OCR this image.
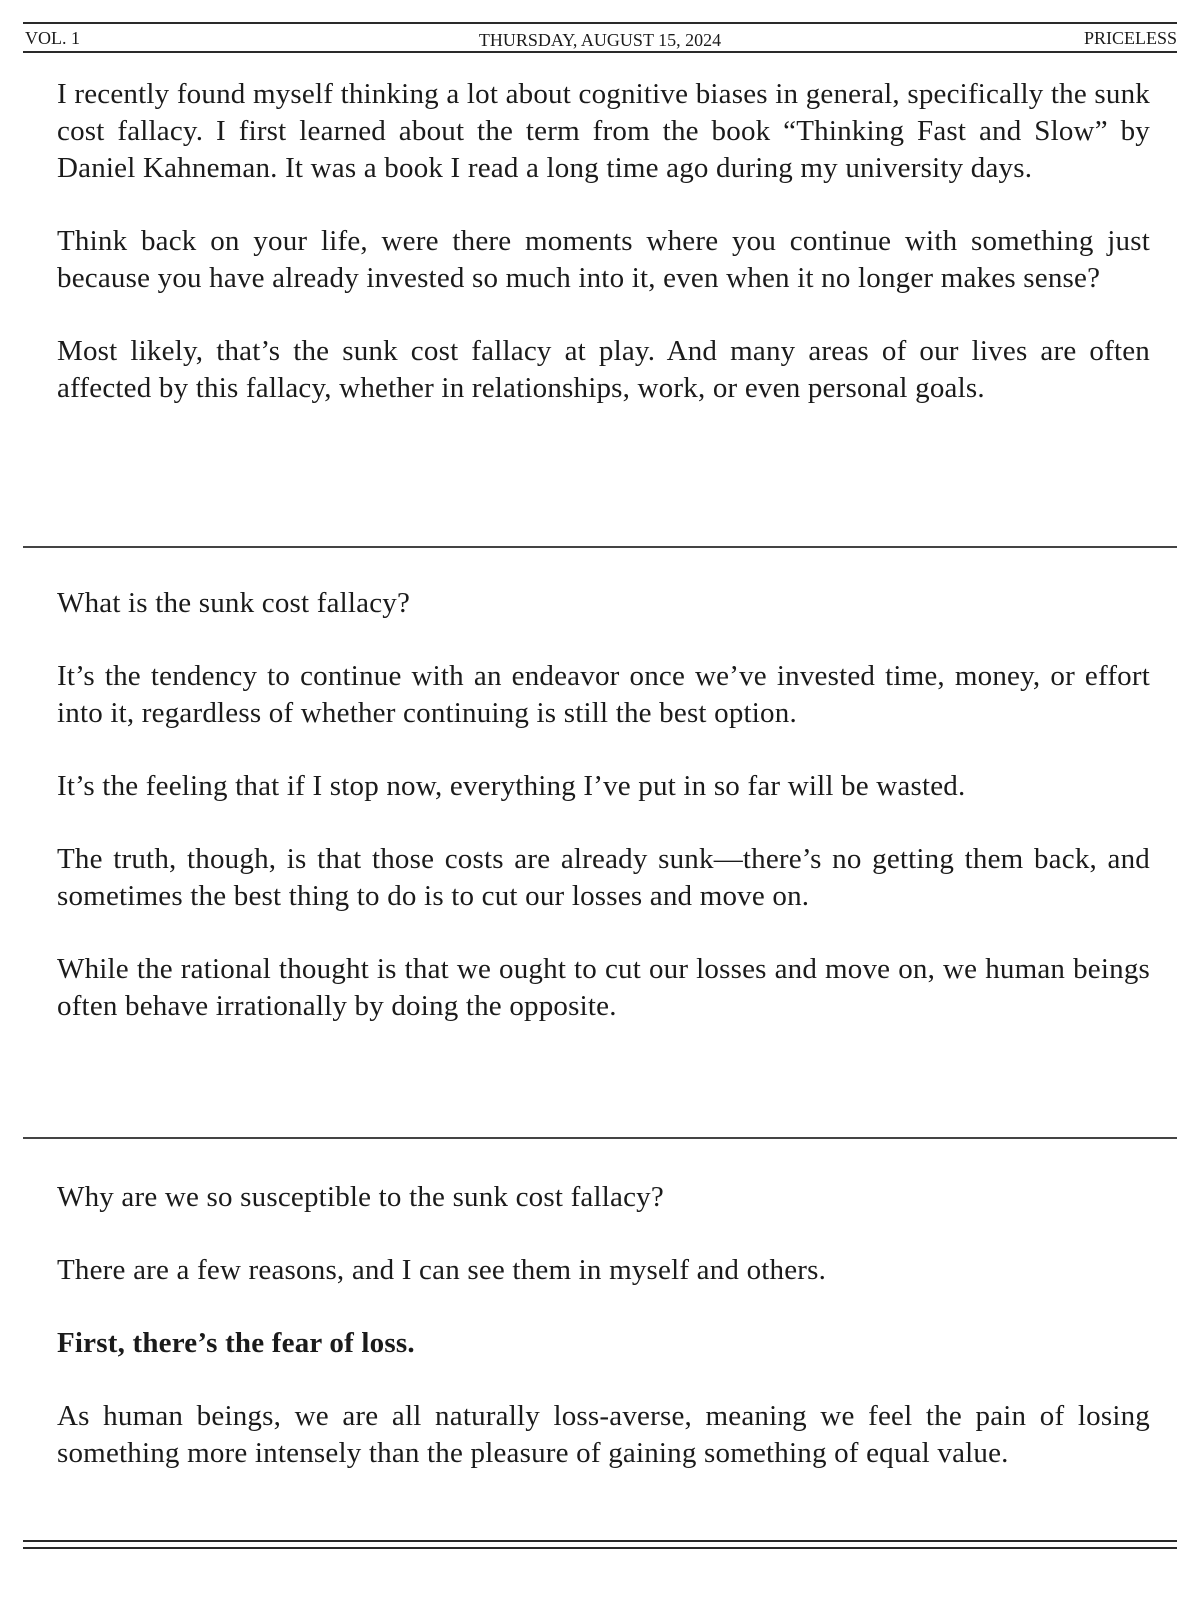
VOL. 1	THURSDAY, AUGUST 15, 2024	PRICELESS

I recently found myself thinking a lot about cognitive biases in general, specifically the sunk cost fallacy. I first learned about the term from the book “Thinking Fast and Slow” by Daniel Kahneman. It was a book I read a long time ago during my university days.

Think back on your life, were there moments where you continue with something just because you have already invested so much into it, even when it no longer makes sense?

Most likely, that’s the sunk cost fallacy at play. And many areas of our lives are often affected by this fallacy, whether in relationships, work, or even personal goals.

What is the sunk cost fallacy?

It’s the tendency to continue with an endeavor once we’ve invested time, money, or effort into it, regardless of whether continuing is still the best option.

It’s the feeling that if I stop now, everything I’ve put in so far will be wasted.

The truth, though, is that those costs are already sunk—there’s no getting them back, and sometimes the best thing to do is to cut our losses and move on.

While the rational thought is that we ought to cut our losses and move on, we human beings often behave irrationally by doing the opposite.

Why are we so susceptible to the sunk cost fallacy?

There are a few reasons, and I can see them in myself and others.

First, there’s the fear of loss.

As human beings, we are all naturally loss-averse, meaning we feel the pain of losing something more intensely than the pleasure of gaining something of equal value.
